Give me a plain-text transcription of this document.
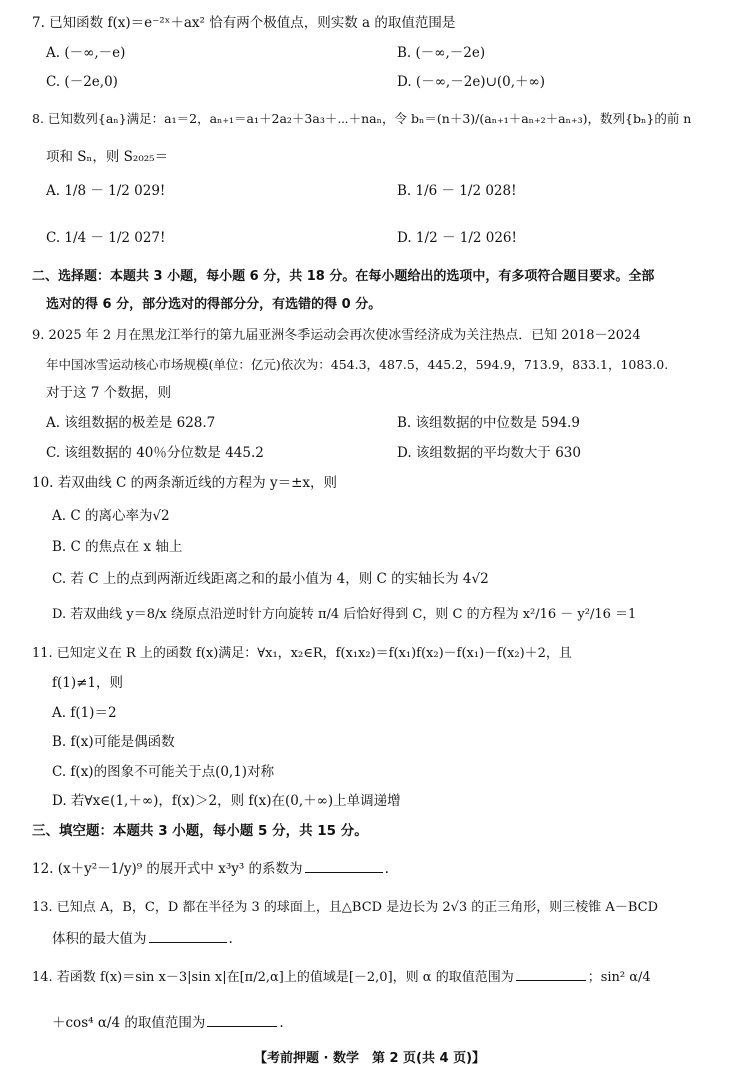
7. 已知函数 f(x)＝e⁻²ˣ＋ax² 恰有两个极值点，则实数 a 的取值范围是
A. (－∞,－e)	B. (－∞,－2e)
C. (－2e,0)	D. (－∞,－2e)∪(0,＋∞)
8. 已知数列{aₙ}满足：a₁＝2，aₙ₊₁＝a₁＋2a₂＋3a₃＋⋯＋naₙ，令 bₙ＝(n＋3)/(aₙ₊₁＋aₙ₊₂＋aₙ₊₃)，数列{bₙ}的前 n
项和 Sₙ，则 S₂₀₂₅＝
A. 1/8 － 1/2 029!	B. 1/6 － 1/2 028!
C. 1/4 － 1/2 027!	D. 1/2 － 1/2 026!
二、选择题：本题共 3 小题，每小题 6 分，共 18 分。在每小题给出的选项中，有多项符合题目要求。全部
选对的得 6 分，部分选对的得部分分，有选错的得 0 分。
9. 2025 年 2 月在黑龙江举行的第九届亚洲冬季运动会再次使冰雪经济成为关注热点．已知 2018－2024
年中国冰雪运动核心市场规模(单位：亿元)依次为：454.3，487.5，445.2，594.9，713.9，833.1，1083.0.
对于这 7 个数据，则
A. 该组数据的极差是 628.7	B. 该组数据的中位数是 594.9
C. 该组数据的 40％分位数是 445.2	D. 该组数据的平均数大于 630
10. 若双曲线 C 的两条渐近线的方程为 y＝±x，则
A. C 的离心率为√2
B. C 的焦点在 x 轴上
C. 若 C 上的点到两渐近线距离之和的最小值为 4，则 C 的实轴长为 4√2
D. 若双曲线 y＝8/x 绕原点沿逆时针方向旋转 π/4 后恰好得到 C，则 C 的方程为 x²/16 － y²/16 ＝1
11. 已知定义在 R 上的函数 f(x)满足：∀x₁，x₂∈R，f(x₁x₂)＝f(x₁)f(x₂)－f(x₁)－f(x₂)＋2，且
f(1)≠1，则
A. f(1)＝2
B. f(x)可能是偶函数
C. f(x)的图象不可能关于点(0,1)对称
D. 若∀x∈(1,＋∞)，f(x)＞2，则 f(x)在(0,＋∞)上单调递增
三、填空题：本题共 3 小题，每小题 5 分，共 15 分。
12. (x＋y²－1/y)⁹ 的展开式中 x³y³ 的系数为	.
13. 已知点 A，B，C，D 都在半径为 3 的球面上，且△BCD 是边长为 2√3 的正三角形，则三棱锥 A－BCD
体积的最大值为	.
14. 若函数 f(x)＝sin x－3|sin x|在[π/2,α]上的值域是[－2,0]，则 α 的取值范围为	；sin² α/4
＋cos⁴ α/4 的取值范围为	.
【考前押题 · 数学　第 2 页(共 4 页)】
